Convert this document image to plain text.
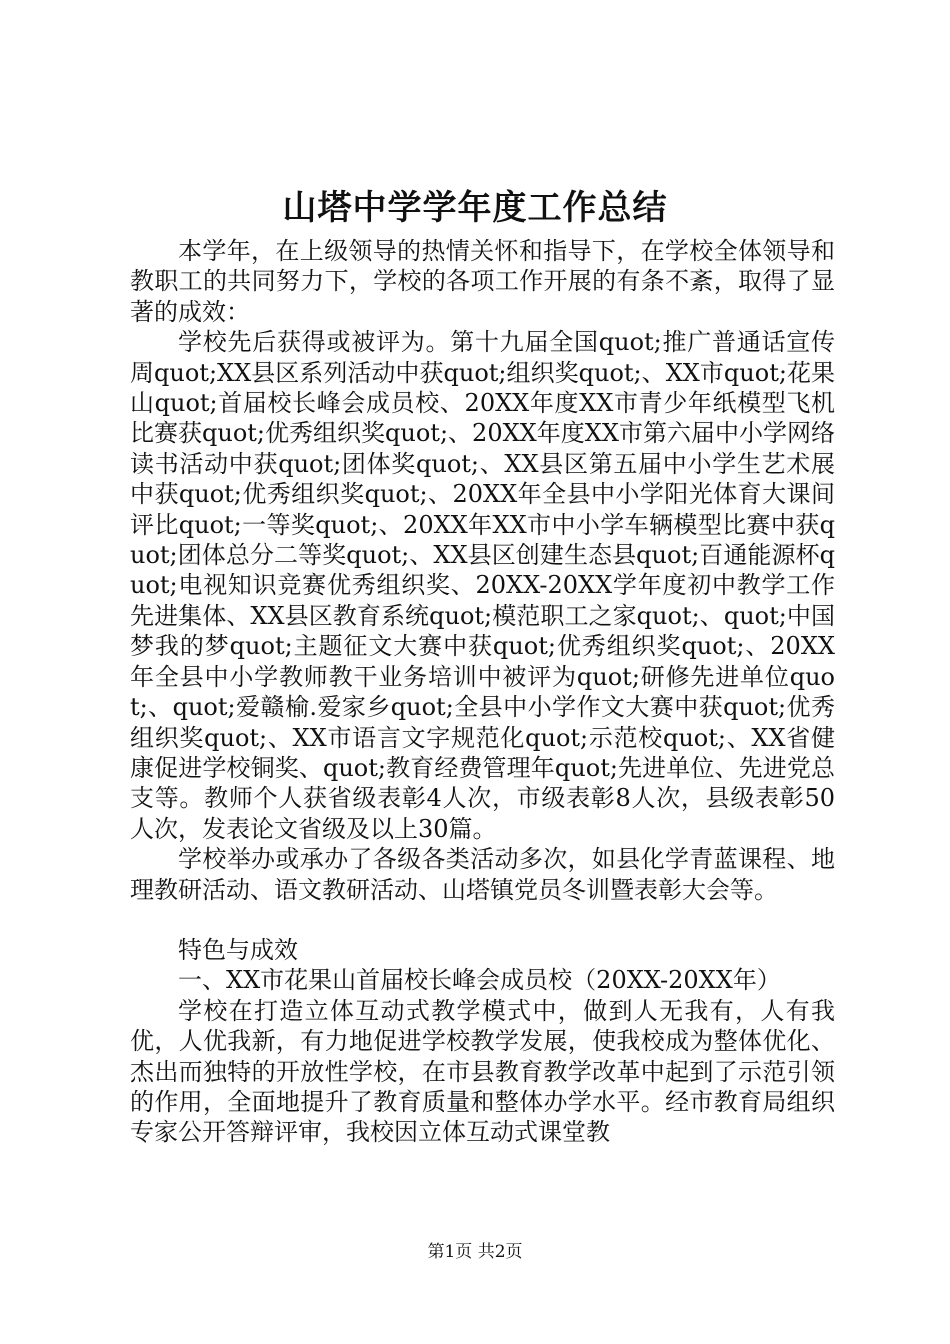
山塔中学学年度工作总结

本学年，在上级领导的热情关怀和指导下，在学校全体领导和教职工的共同努力下，学校的各项工作开展的有条不紊，取得了显著的成效：

学校先后获得或被评为。第十九届全国quot;推广普通话宣传周quot;XX县区系列活动中获quot;组织奖quot;、XX市quot;花果山quot;首届校长峰会成员校、20XX年度XX市青少年纸模型飞机比赛获quot;优秀组织奖quot;、20XX年度XX市第六届中小学网络读书活动中获quot;团体奖quot;、XX县区第五届中小学生艺术展中获quot;优秀组织奖quot;、20XX年全县中小学阳光体育大课间评比quot;一等奖quot;、20XX年XX市中小学车辆模型比赛中获quot;团体总分二等奖quot;、XX县区创建生态县quot;百通能源杯quot;电视知识竞赛优秀组织奖、20XX-20XX学年度初中教学工作先进集体、XX县区教育系统quot;模范职工之家quot;、quot;中国梦我的梦quot;主题征文大赛中获quot;优秀组织奖quot;、20XX年全县中小学教师教干业务培训中被评为quot;研修先进单位quot;、quot;爱赣榆.爱家乡quot;全县中小学作文大赛中获quot;优秀组织奖quot;、XX市语言文字规范化quot;示范校quot;、XX省健康促进学校铜奖、quot;教育经费管理年quot;先进单位、先进党总支等。教师个人获省级表彰4人次，市级表彰8人次，县级表彰50人次，发表论文省级及以上30篇。

学校举办或承办了各级各类活动多次，如县化学青蓝课程、地理教研活动、语文教研活动、山塔镇党员冬训暨表彰大会等。

特色与成效

一、XX市花果山首届校长峰会成员校（20XX-20XX年）

学校在打造立体互动式教学模式中，做到人无我有，人有我优，人优我新，有力地促进学校教学发展，使我校成为整体优化、杰出而独特的开放性学校，在市县教育教学改革中起到了示范引领的作用，全面地提升了教育质量和整体办学水平。经市教育局组织专家公开答辩评审，我校因立体互动式课堂教

第1页 共2页
